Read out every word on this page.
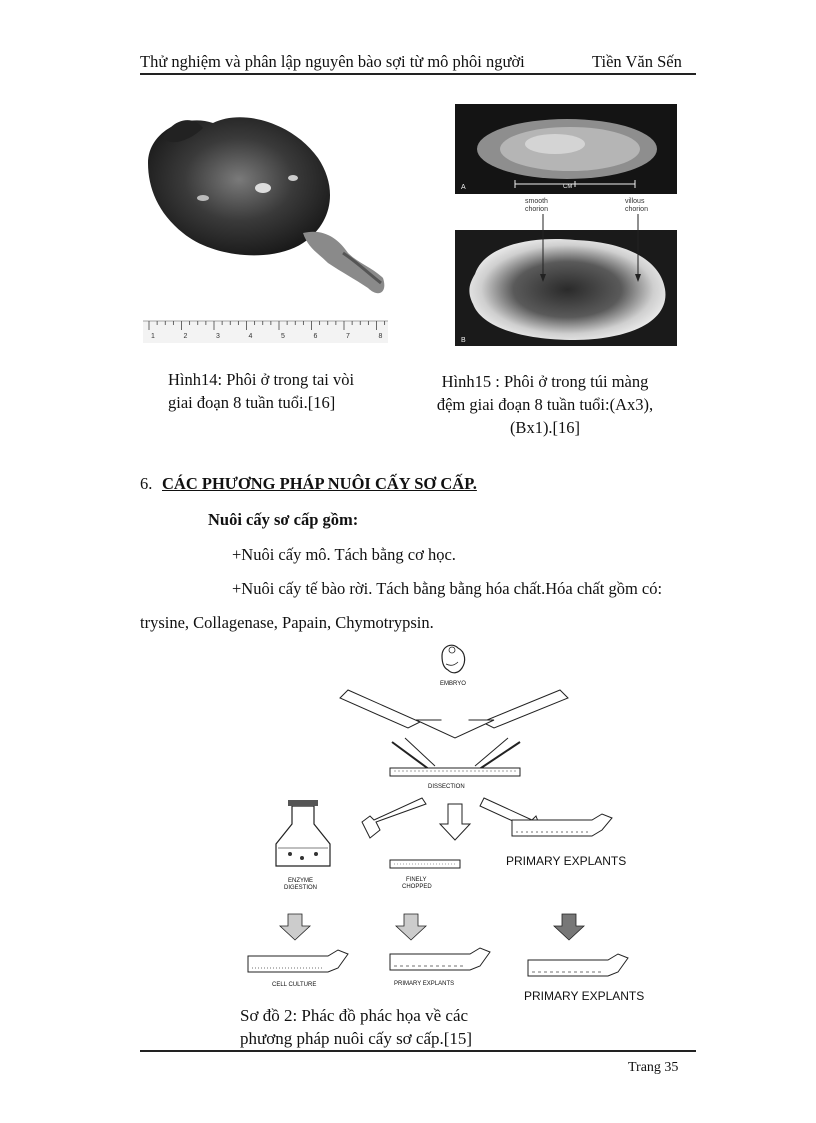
Thử nghiệm và phân lập nguyên bào sợi từ mô phôi người	Tiền Văn Sến
1	2	3	4	5	6	7	8
A	CM
smooth
chorion
villous
chorion
B
Hình14: Phôi ở trong tai vòi
giai đoạn 8 tuần tuổi.[16]
Hình15 : Phôi ở trong túi màng
đệm giai đoạn 8 tuần tuổi:(Ax3),
(Bx1).[16]
6. CÁC PHƯƠNG PHÁP NUÔI CẤY SƠ CẤP.
Nuôi cấy sơ cấp gồm:
+Nuôi cấy mô. Tách bằng cơ học.
+Nuôi cấy tế bào rời. Tách bằng bằng hóa chất.Hóa chất gồm có:
trysine, Collagenase, Papain, Chymotrypsin.
EMBRYO
DISSECTION
ENZYME
DIGESTION
FINELY
CHOPPED
PRIMARY EXPLANTS
CELL CULTURE	PRIMARY EXPLANTS
PRIMARY EXPLANTS
Sơ đồ 2: Phác đồ phác họa về các
phương pháp nuôi cấy sơ cấp.[15]
Trang 35
